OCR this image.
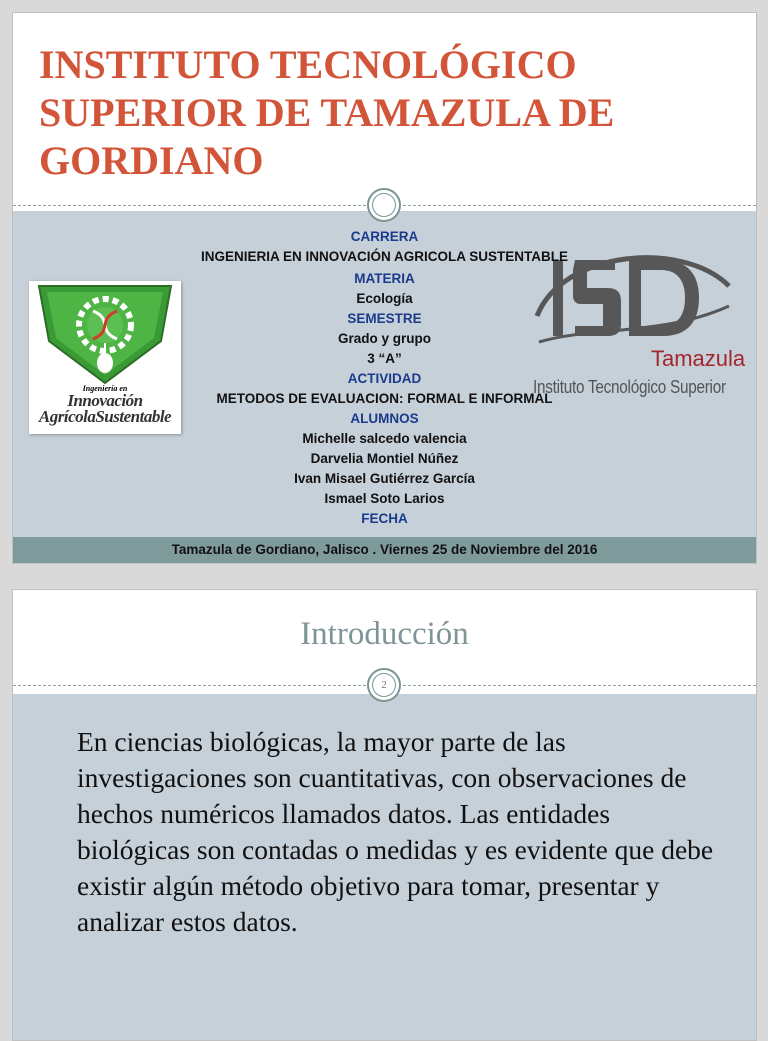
INSTITUTO TECNOLÓGICO SUPERIOR DE TAMAZULA DE GORDIANO
Ingeniería en
Innovación
AgrícolaSustentable
Tamazula
Instituto Tecnológico Superior
Tamazula de Gordiano, Jalisco . Viernes 25 de Noviembre del 2016
CARRERA
INGENIERIA EN INNOVACIÓN AGRICOLA SUSTENTABLE
MATERIA
Ecología
SEMESTRE
Grado y grupo
3 “A”
ACTIVIDAD
METODOS DE EVALUACION: FORMAL E INFORMAL
ALUMNOS
Michelle salcedo valencia
Darvelia Montiel Núñez
Ivan Misael Gutiérrez García
Ismael Soto Larios
FECHA
Introducción
2

En ciencias biológicas, la mayor parte de las investigaciones son cuantitativas, con observaciones de hechos numéricos llamados datos. Las entidades biológicas son contadas o medidas y es evidente que debe existir algún método objetivo para tomar, presentar y analizar estos datos.
